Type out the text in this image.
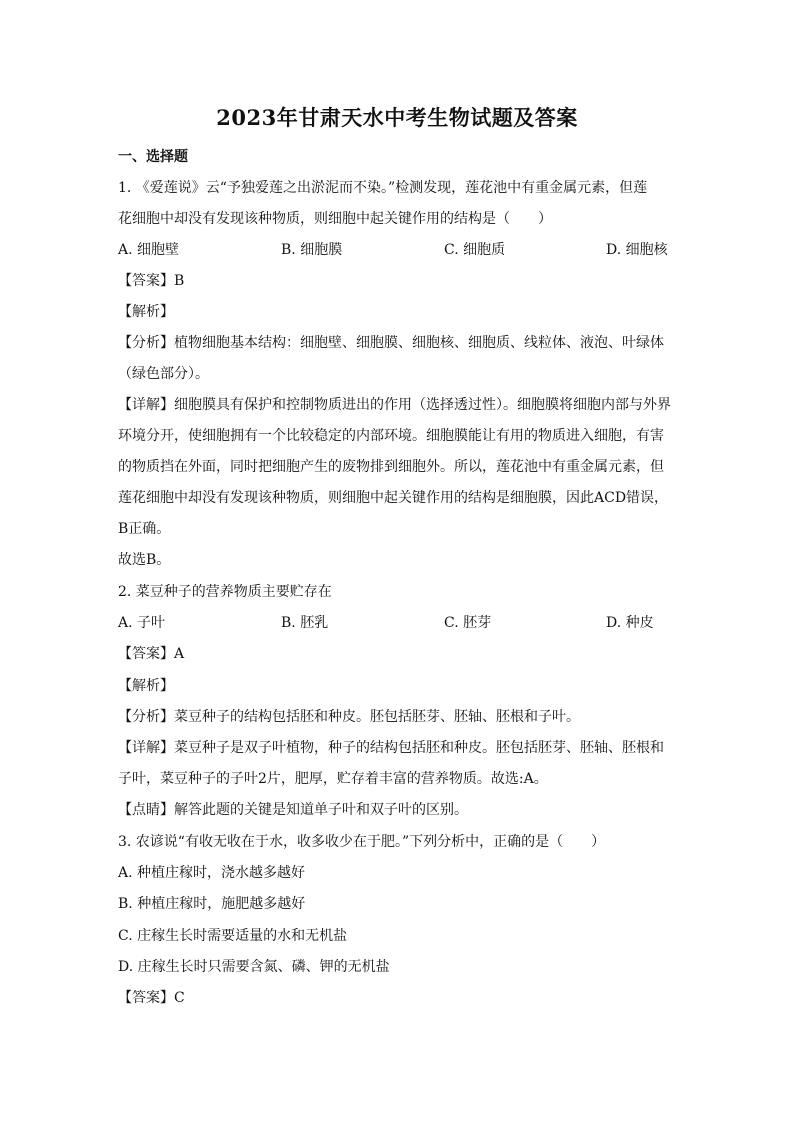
2023年甘肃天水中考生物试题及答案
一、选择题
1. 《爱莲说》云“予独爱莲之出淤泥而不染。”检测发现，莲花池中有重金属元素，但莲
花细胞中却没有发现该种物质，则细胞中起关键作用的结构是（　　）
A. 细胞壁	B. 细胞膜	C. 细胞质	D. 细胞核
【答案】B
【解析】
【分析】植物细胞基本结构：细胞壁、细胞膜、细胞核、细胞质、线粒体、液泡、叶绿体
（绿色部分）。
【详解】细胞膜具有保护和控制物质进出的作用（选择透过性）。细胞膜将细胞内部与外界
环境分开，使细胞拥有一个比较稳定的内部环境。细胞膜能让有用的物质进入细胞，有害
的物质挡在外面，同时把细胞产生的废物排到细胞外。所以，莲花池中有重金属元素，但
莲花细胞中却没有发现该种物质，则细胞中起关键作用的结构是细胞膜，因此ACD错误，
B正确。
故选B。
2. 菜豆种子的营养物质主要贮存在
A. 子叶	B. 胚乳	C. 胚芽	D. 种皮
【答案】A
【解析】
【分析】菜豆种子的结构包括胚和种皮。胚包括胚芽、胚轴、胚根和子叶。
【详解】菜豆种子是双子叶植物，种子的结构包括胚和种皮。胚包括胚芽、胚轴、胚根和
子叶，菜豆种子的子叶2片，肥厚，贮存着丰富的营养物质。故选:A。
【点睛】解答此题的关键是知道单子叶和双子叶的区别。
3. 农谚说“有收无收在于水，收多收少在于肥。”下列分析中，正确的是（　　）
A. 种植庄稼时，浇水越多越好
B. 种植庄稼时，施肥越多越好
C. 庄稼生长时需要适量的水和无机盐
D. 庄稼生长时只需要含氮、磷、钾的无机盐
【答案】C
